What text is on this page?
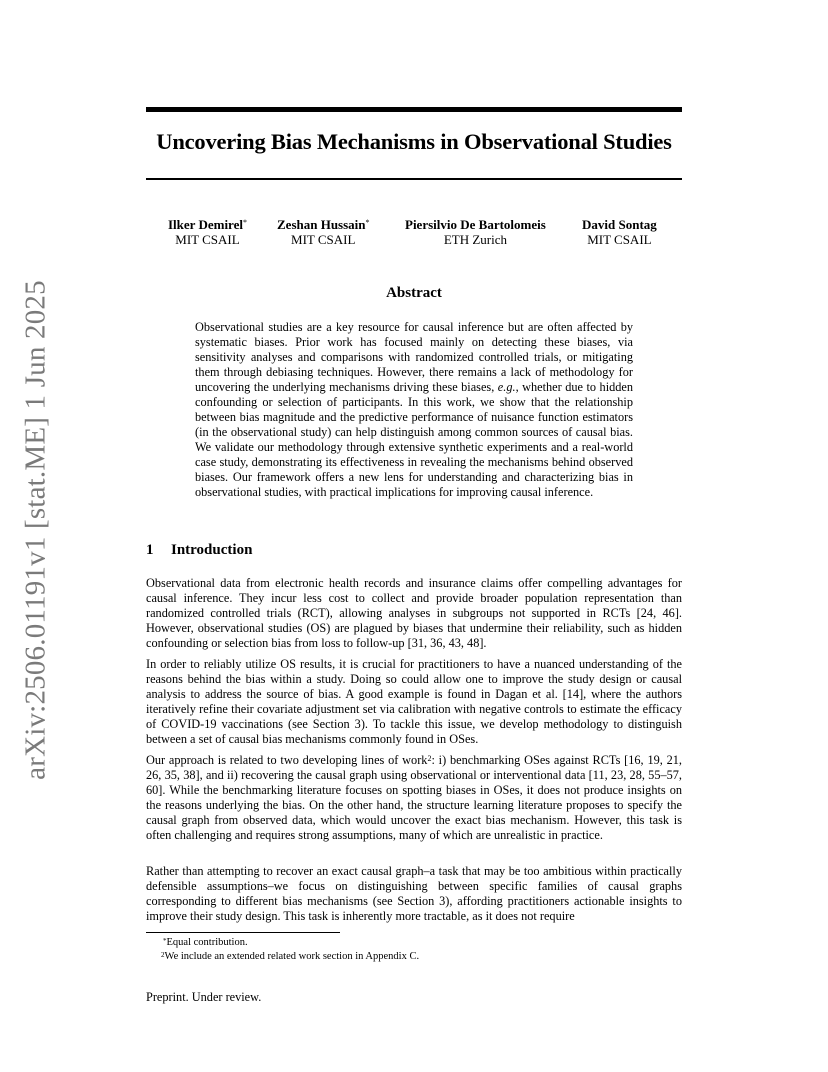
arXiv:2506.01191v1 [stat.ME] 1 Jun 2025
Uncovering Bias Mechanisms in Observational Studies
Ilker Demirel*
MIT CSAIL
Zeshan Hussain*
MIT CSAIL
Piersilvio De Bartolomeis
ETH Zurich
David Sontag
MIT CSAIL
Abstract

Observational studies are a key resource for causal inference but are often affected by systematic biases. Prior work has focused mainly on detecting these biases, via sensitivity analyses and comparisons with randomized controlled trials, or mitigating them through debiasing techniques. However, there remains a lack of methodology for uncovering the underlying mechanisms driving these biases, e.g., whether due to hidden confounding or selection of participants. In this work, we show that the relationship between bias magnitude and the predictive performance of nuisance function estimators (in the observational study) can help distinguish among common sources of causal bias. We validate our methodology through extensive synthetic experiments and a real-world case study, demonstrating its effectiveness in revealing the mechanisms behind observed biases. Our framework offers a new lens for understanding and characterizing bias in observational studies, with practical implications for improving causal inference.

1 Introduction

Observational data from electronic health records and insurance claims offer compelling advantages for causal inference. They incur less cost to collect and provide broader population representation than randomized controlled trials (RCT), allowing analyses in subgroups not supported in RCTs [24, 46]. However, observational studies (OS) are plagued by biases that undermine their reliability, such as hidden confounding or selection bias from loss to follow-up [31, 36, 43, 48].

In order to reliably utilize OS results, it is crucial for practitioners to have a nuanced understanding of the reasons behind the bias within a study. Doing so could allow one to improve the study design or causal analysis to address the source of bias. A good example is found in Dagan et al. [14], where the authors iteratively refine their covariate adjustment set via calibration with negative controls to estimate the efficacy of COVID-19 vaccinations (see Section 3). To tackle this issue, we develop methodology to distinguish between a set of causal bias mechanisms commonly found in OSes.

Our approach is related to two developing lines of work$^2$: i) benchmarking OSes against RCTs [16, 19, 21, 26, 35, 38], and ii) recovering the causal graph using observational or interventional data [11, 23, 28, 55–57, 60]. While the benchmarking literature focuses on spotting biases in OSes, it does not produce insights on the reasons underlying the bias. On the other hand, the structure learning literature proposes to specify the causal graph from observed data, which would uncover the exact bias mechanism. However, this task is often challenging and requires strong assumptions, many of which are unrealistic in practice.

Rather than attempting to recover an exact causal graph–a task that may be too ambitious within practically defensible assumptions–we focus on distinguishing between specific families of causal graphs corresponding to different bias mechanisms (see Section 3), affording practitioners actionable insights to improve their study design. This task is inherently more tractable, as it does not require

*Equal contribution.

$^2$We include an extended related work section in Appendix C.

Preprint. Under review.
